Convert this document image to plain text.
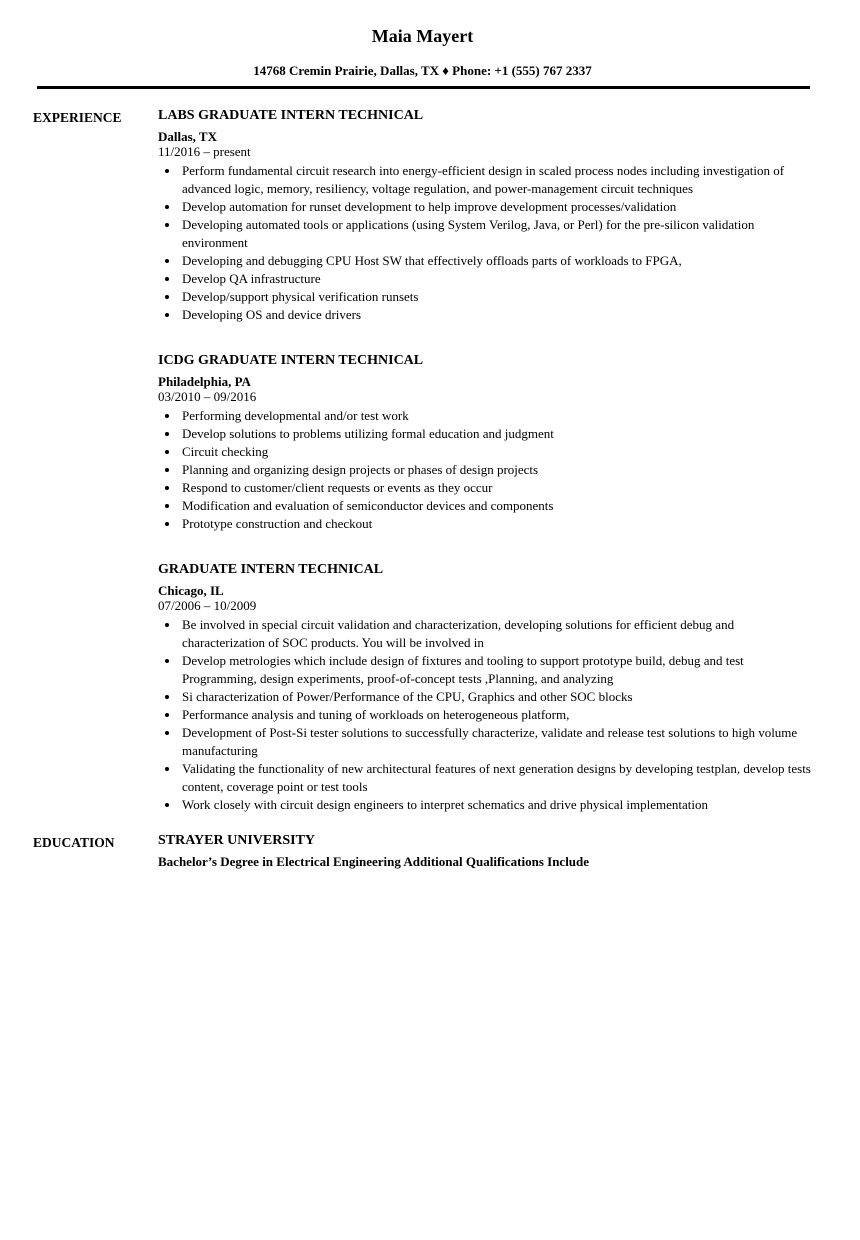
Maia Mayert
14768 Cremin Prairie, Dallas, TX ♦ Phone: +1 (555) 767 2337
EXPERIENCE	LABS GRADUATE INTERN TECHNICAL
Dallas, TX
11/2016 – present
• Perform fundamental circuit research into energy-efficient design in scaled process nodes including investigation of advanced logic, memory, resiliency, voltage regulation, and power-management circuit techniques
• Develop automation for runset development to help improve development processes/validation
• Developing automated tools or applications (using System Verilog, Java, or Perl) for the pre-silicon validation environment
• Developing and debugging CPU Host SW that effectively offloads parts of workloads to FPGA,
• Develop QA infrastructure
• Develop/support physical verification runsets
• Developing OS and device drivers
ICDG GRADUATE INTERN TECHNICAL
Philadelphia, PA
03/2010 – 09/2016
• Performing developmental and/or test work
• Develop solutions to problems utilizing formal education and judgment
• Circuit checking
• Planning and organizing design projects or phases of design projects
• Respond to customer/client requests or events as they occur
• Modification and evaluation of semiconductor devices and components
• Prototype construction and checkout
GRADUATE INTERN TECHNICAL
Chicago, IL
07/2006 – 10/2009
• Be involved in special circuit validation and characterization, developing solutions for efficient debug and characterization of SOC products. You will be involved in
• Develop metrologies which include design of fixtures and tooling to support prototype build, debug and test Programming, design experiments, proof-of-concept tests ,Planning, and analyzing
• Si characterization of Power/Performance of the CPU, Graphics and other SOC blocks
• Performance analysis and tuning of workloads on heterogeneous platform,
• Development of Post-Si tester solutions to successfully characterize, validate and release test solutions to high volume manufacturing
• Validating the functionality of new architectural features of next generation designs by developing testplan, develop tests content, coverage point or test tools
• Work closely with circuit design engineers to interpret schematics and drive physical implementation
EDUCATION	STRAYER UNIVERSITY
Bachelor’s Degree in Electrical Engineering Additional Qualifications Include
